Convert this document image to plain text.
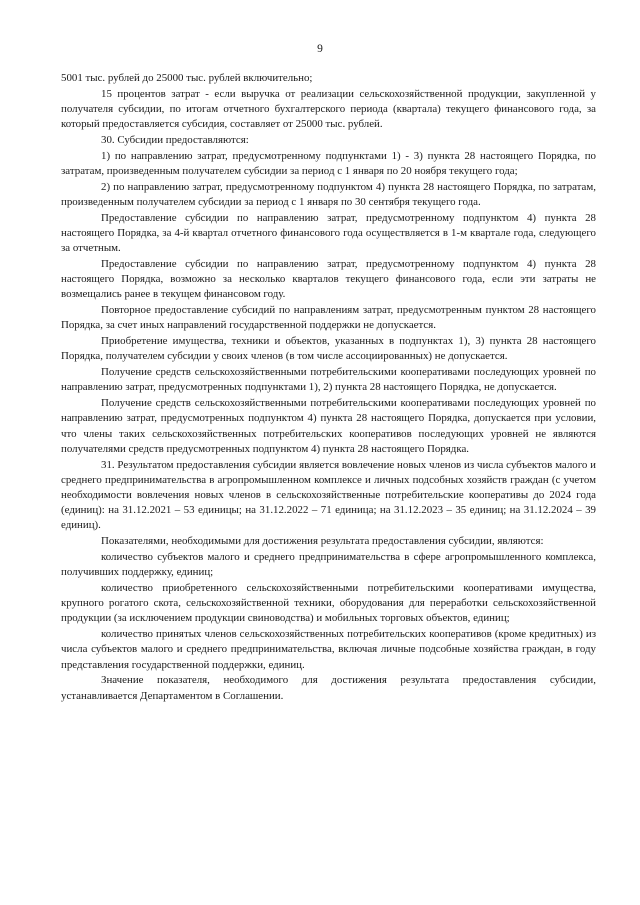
9

5001 тыс. рублей до 25000 тыс. рублей включительно;

15 процентов затрат - если выручка от реализации сельскохозяйственной продукции, закупленной у получателя субсидии, по итогам отчетного бухгалтерского периода (квартала) текущего финансового года, за который предоставляется субсидия, составляет от 25000 тыс. рублей.

30. Субсидии предоставляются:

1) по направлению затрат, предусмотренному подпунктами 1) - 3) пункта 28 настоящего Порядка, по затратам, произведенным получателем субсидии за период с 1 января по 20 ноября текущего года;

2) по направлению затрат, предусмотренному подпунктом 4) пункта 28 настоящего Порядка, по затратам, произведенным получателем субсидии за период с 1 января по 30 сентября текущего года.

Предоставление субсидии по направлению затрат, предусмотренному подпунктом 4) пункта 28 настоящего Порядка, за 4-й квартал отчетного финансового года осуществляется в 1-м квартале года, следующего за отчетным.

Предоставление субсидии по направлению затрат, предусмотренному подпунктом 4) пункта 28 настоящего Порядка, возможно за несколько кварталов текущего финансового года, если эти затраты не возмещались ранее в текущем финансовом году.

Повторное предоставление субсидий по направлениям затрат, предусмотренным пунктом 28 настоящего Порядка, за счет иных направлений государственной поддержки не допускается.

Приобретение имущества, техники и объектов, указанных в подпунктах 1), 3) пункта 28 настоящего Порядка, получателем субсидии у своих членов (в том числе ассоциированных) не допускается.

Получение средств сельскохозяйственными потребительскими кооперативами последующих уровней по направлению затрат, предусмотренных подпунктами 1), 2) пункта 28 настоящего Порядка, не допускается.

Получение средств сельскохозяйственными потребительскими кооперативами последующих уровней по направлению затрат, предусмотренных подпунктом 4) пункта 28 настоящего Порядка, допускается при условии, что члены таких сельскохозяйственных потребительских кооперативов последующих уровней не являются получателями средств предусмотренных подпунктом 4) пункта 28 настоящего Порядка.

31. Результатом предоставления субсидии является вовлечение новых членов из числа субъектов малого и среднего предпринимательства в агропромышленном комплексе и личных подсобных хозяйств граждан (с учетом необходимости вовлечения новых членов в сельскохозяйственные потребительские кооперативы до 2024 года (единиц): на 31.12.2021 – 53 единицы; на 31.12.2022 – 71 единица; на 31.12.2023 – 35 единиц; на 31.12.2024 – 39 единиц).

Показателями, необходимыми для достижения результата предоставления субсидии, являются:

количество субъектов малого и среднего предпринимательства в сфере агропромышленного комплекса, получивших поддержку, единиц;

количество приобретенного сельскохозяйственными потребительскими кооперативами имущества, крупного рогатого скота, сельскохозяйственной техники, оборудования для переработки сельскохозяйственной продукции (за исключением продукции свиноводства) и мобильных торговых объектов, единиц;

количество принятых членов сельскохозяйственных потребительских кооперативов (кроме кредитных) из числа субъектов малого и среднего предпринимательства, включая личные подсобные хозяйства граждан, в году представления государственной поддержки, единиц.

Значение показателя, необходимого для достижения результата предоставления субсидии, устанавливается Департаментом в Соглашении.
